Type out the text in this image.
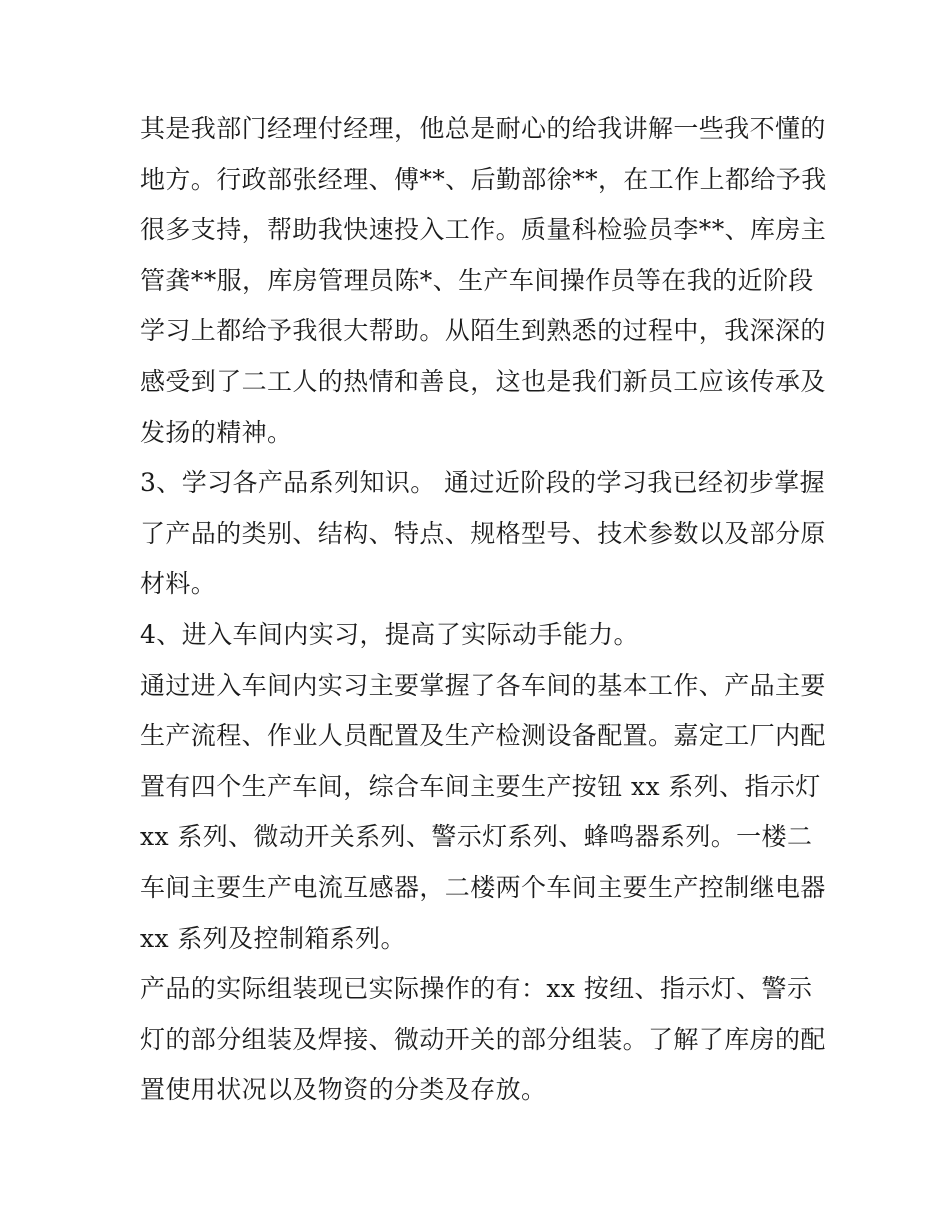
其是我部门经理付经理，他总是耐心的给我讲解一些我不懂的
地方。行政部张经理、傅**、后勤部徐**，在工作上都给予我
很多支持，帮助我快速投入工作。质量科检验员李**、库房主
管龚**服，库房管理员陈*、生产车间操作员等在我的近阶段
学习上都给予我很大帮助。从陌生到熟悉的过程中，我深深的
感受到了二工人的热情和善良，这也是我们新员工应该传承及
发扬的精神。
3、学习各产品系列知识。 通过近阶段的学习我已经初步掌握
了产品的类别、结构、特点、规格型号、技术参数以及部分原
材料。
4、进入车间内实习，提高了实际动手能力。
通过进入车间内实习主要掌握了各车间的基本工作、产品主要
生产流程、作业人员配置及生产检测设备配置。嘉定工厂内配
置有四个生产车间，综合车间主要生产按钮 xx 系列、指示灯
xx 系列、微动开关系列、警示灯系列、蜂鸣器系列。一楼二
车间主要生产电流互感器，二楼两个车间主要生产控制继电器
xx 系列及控制箱系列。
产品的实际组装现已实际操作的有：xx 按纽、指示灯、警示
灯的部分组装及焊接、微动开关的部分组装。了解了库房的配
置使用状况以及物资的分类及存放。
